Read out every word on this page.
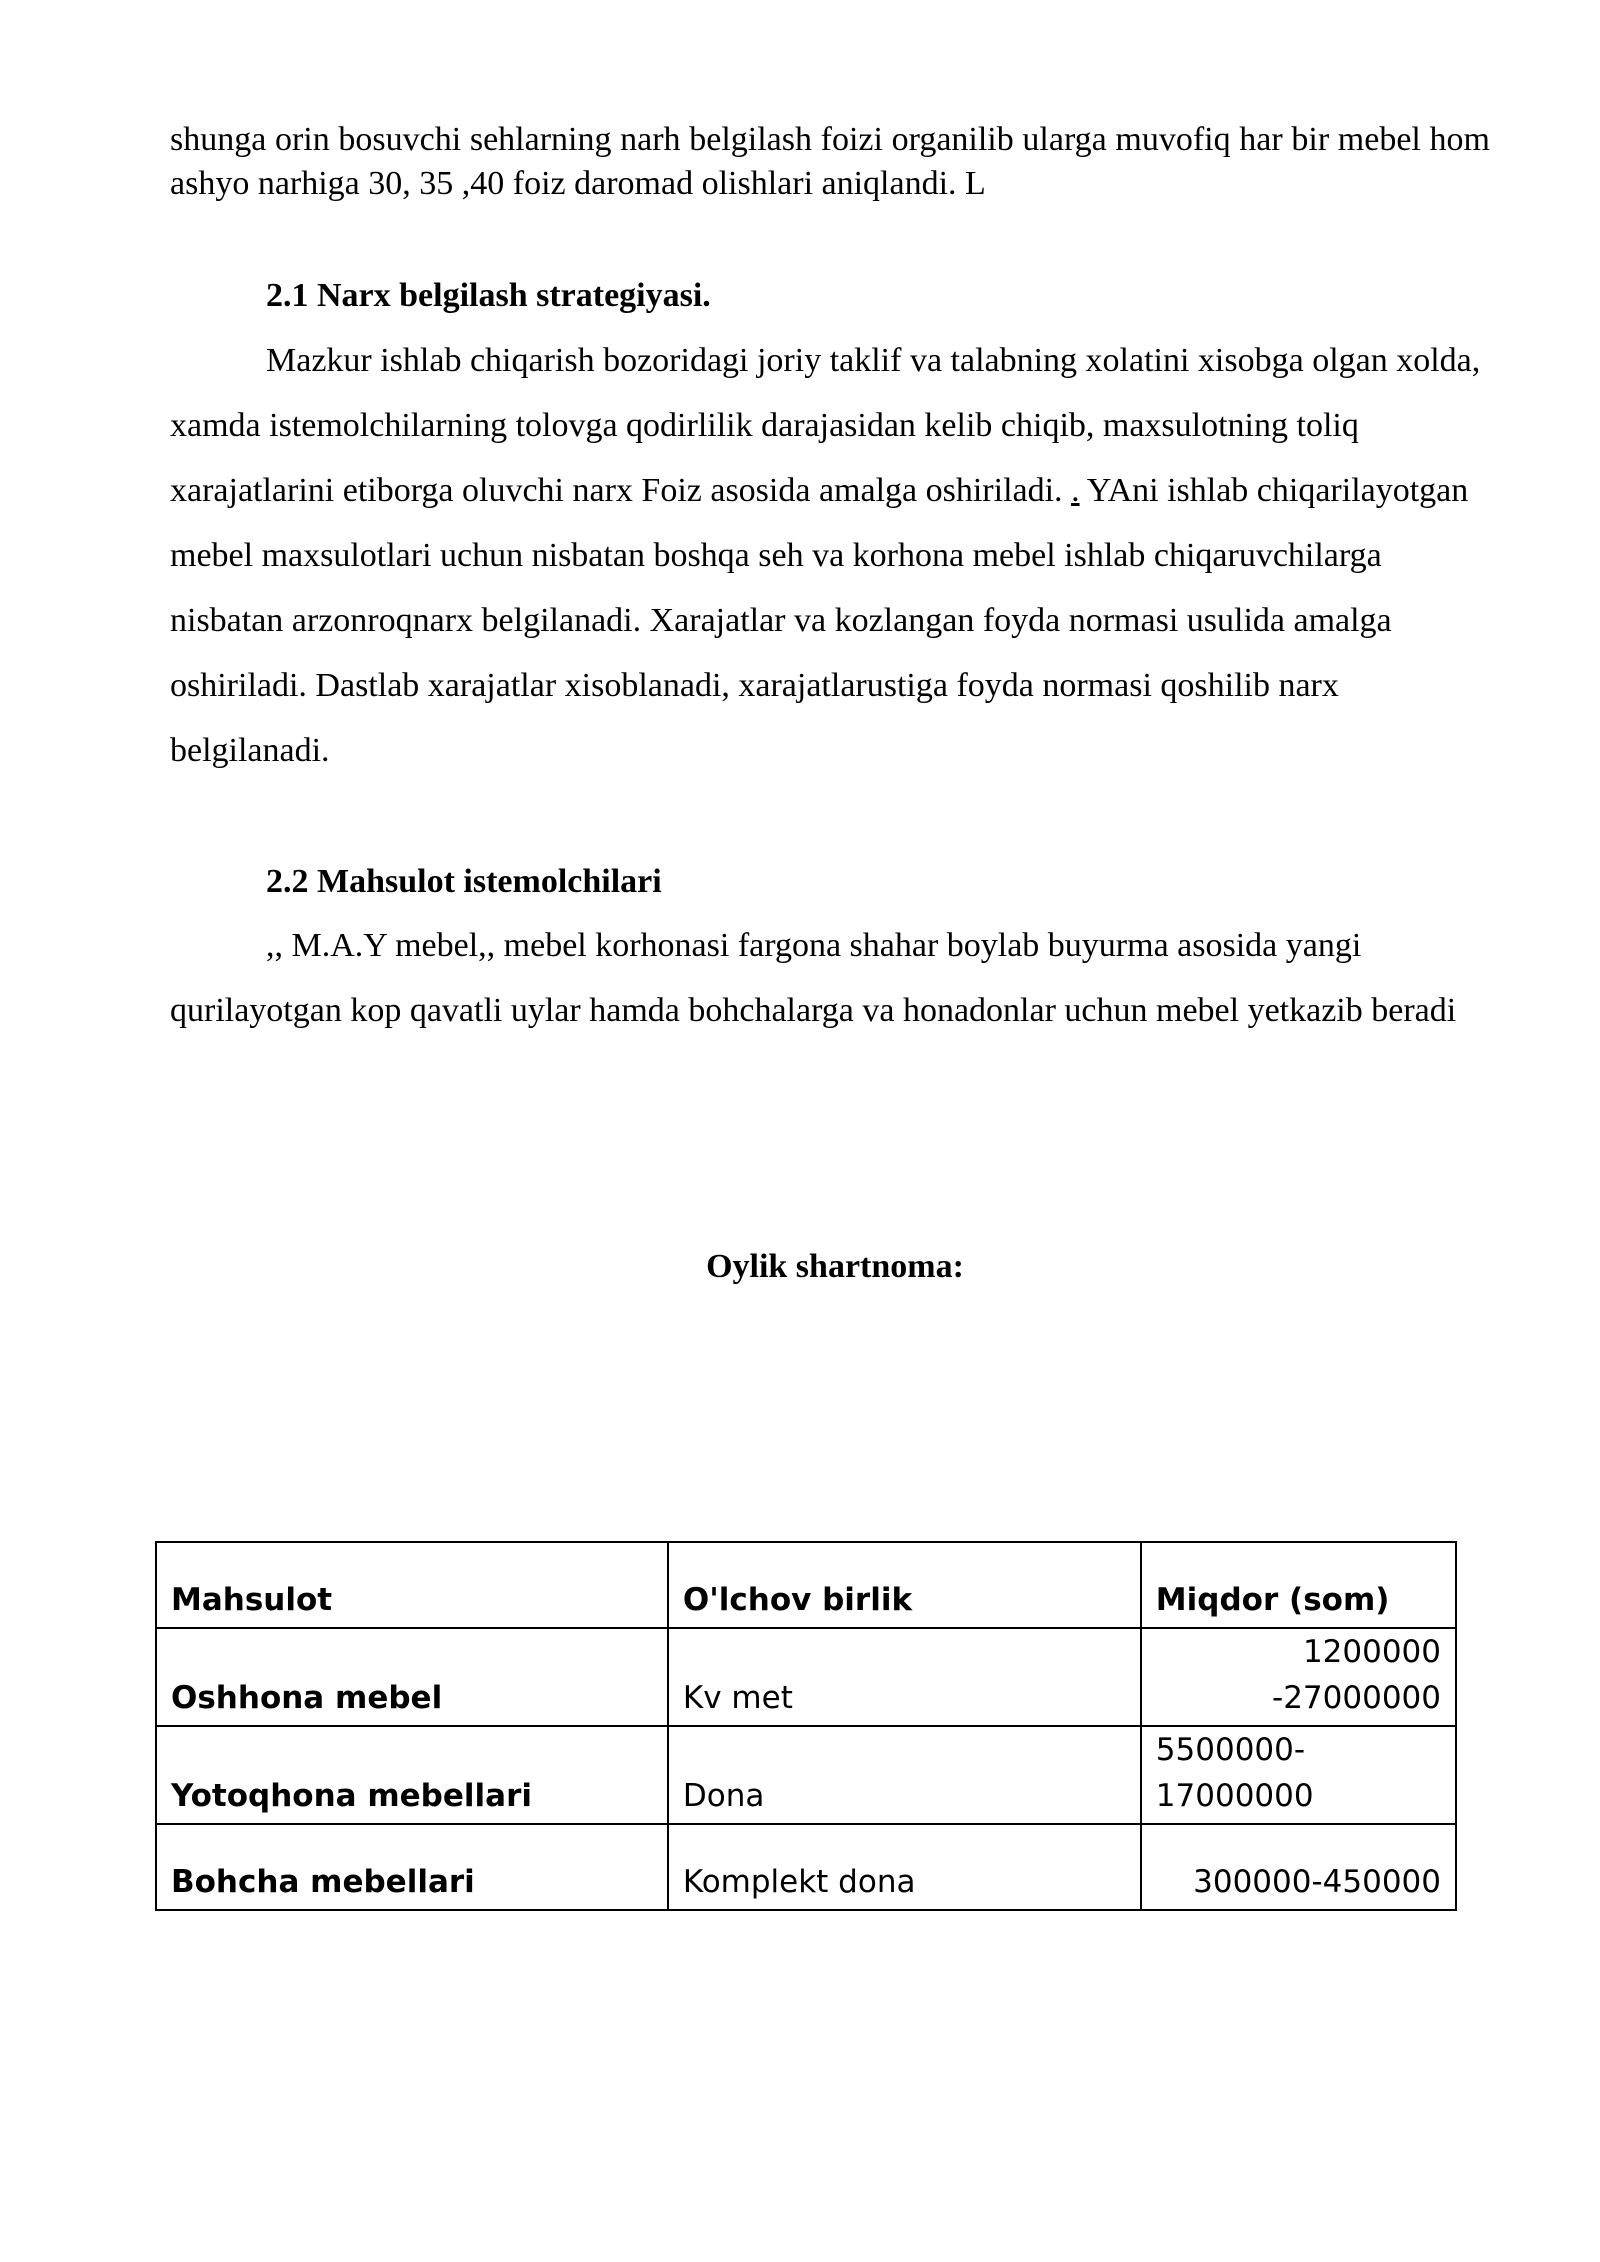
shunga orin bosuvchi sehlarning narh belgilash foizi organilib ularga muvofiq har bir mebel hom ashyo narhiga 30, 35 ,40 foiz daromad olishlari aniqlandi. L

2.1 Narx belgilash strategiyasi.

Mazkur ishlab chiqarish bozoridagi joriy taklif va talabning xolatini xisobga olgan xolda, xamda istemolchilarning tolovga qodirlilik darajasidan kelib chiqib, maxsulotning toliq xarajatlarini etiborga oluvchi narx Foiz asosida amalga oshiriladi. . YAni ishlab chiqarilayotgan mebel maxsulotlari uchun nisbatan boshqa seh va korhona mebel ishlab chiqaruvchilarga nisbatan arzonroqnarx belgilanadi. Xarajatlar va kozlangan foyda normasi usulida amalga oshiriladi. Dastlab xarajatlar xisoblanadi, xarajatlarustiga foyda normasi qoshilib narx belgilanadi.

2.2 Mahsulot istemolchilari

,, M.A.Y mebel,, mebel korhonasi fargona shahar boylab buyurma asosida yangi qurilayotgan kop qavatli uylar hamda bohchalarga va honadonlar uchun mebel yetkazib beradi

Oylik shartnoma:

Mahsulot	O'lchov birlik	Miqdor (som)
Oshhona mebel	Kv met	1200000
-27000000

Yotoqhona mebellari	Dona	5500000-
17000000

Bohcha mebellari	Komplekt dona	300000-450000
